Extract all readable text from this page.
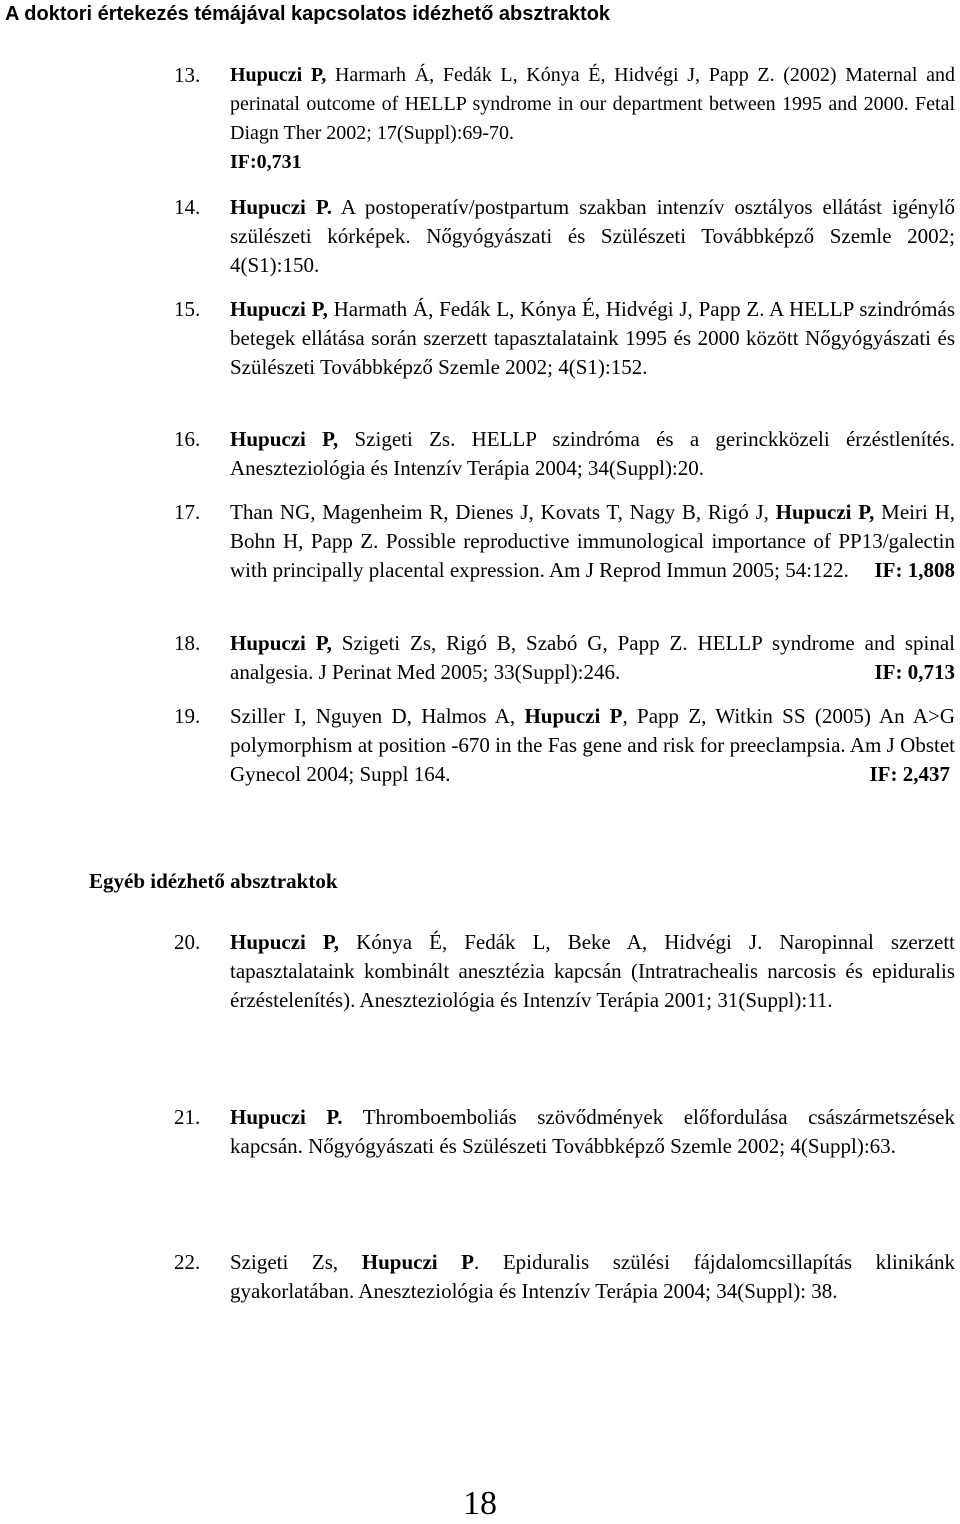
A doktori értekezés témájával kapcsolatos idézhető absztraktok
13.	Hupuczi P, Harmarh Á, Fedák L, Kónya É, Hidvégi J, Papp Z. (2002) Maternal and perinatal outcome of HELLP syndrome in our department between 1995 and 2000. Fetal Diagn Ther 2002; 17(Suppl):69-70.
IF:0,731
14.	Hupuczi P. A postoperatív/postpartum szakban intenzív osztályos ellátást igénylő szülészeti kórképek. Nőgyógyászati és Szülészeti Továbbképző Szemle 2002; 4(S1):150.
15.	Hupuczi P, Harmath Á, Fedák L, Kónya É, Hidvégi J, Papp Z. A HELLP szindrómás betegek ellátása során szerzett tapasztalataink 1995 és 2000 között Nőgyógyászati és Szülészeti Továbbképző Szemle 2002; 4(S1):152.
16.	Hupuczi P, Szigeti Zs. HELLP szindróma és a gerinckközeli érzéstlenítés. Aneszteziológia és Intenzív Terápia 2004; 34(Suppl):20.
17.	Than NG, Magenheim R, Dienes J, Kovats T, Nagy B, Rigó J, Hupuczi P, Meiri H, Bohn H, Papp Z. Possible reproductive immunological importance of PP13/galectin with principally placental expression. Am J Reprod Immun 2005; 54:122. IF: 1,808
18.	Hupuczi P, Szigeti Zs, Rigó B, Szabó G, Papp Z. HELLP syndrome and spinal analgesia. J Perinat Med 2005; 33(Suppl):246.	IF: 0,713
19.	Sziller I, Nguyen D, Halmos A, Hupuczi P, Papp Z, Witkin SS (2005) An A>G polymorphism at position -670 in the Fas gene and risk for preeclampsia. Am J Obstet Gynecol 2004; Suppl 164.	IF: 2,437
Egyéb idézhető absztraktok
20.	Hupuczi P, Kónya É, Fedák L, Beke A, Hidvégi J. Naropinnal szerzett tapasztalataink kombinált anesztézia kapcsán (Intratrachealis narcosis és epiduralis érzéstelenítés). Aneszteziológia és Intenzív Terápia 2001; 31(Suppl):11.
21.	Hupuczi P. Thromboemboliás szövődmények előfordulása császármetszések kapcsán. Nőgyógyászati és Szülészeti Továbbképző Szemle 2002; 4(Suppl):63.
22.	Szigeti Zs, Hupuczi P. Epiduralis szülési fájdalomcsillapítás klinikánk gyakorlatában. Aneszteziológia és Intenzív Terápia 2004; 34(Suppl): 38.
18
